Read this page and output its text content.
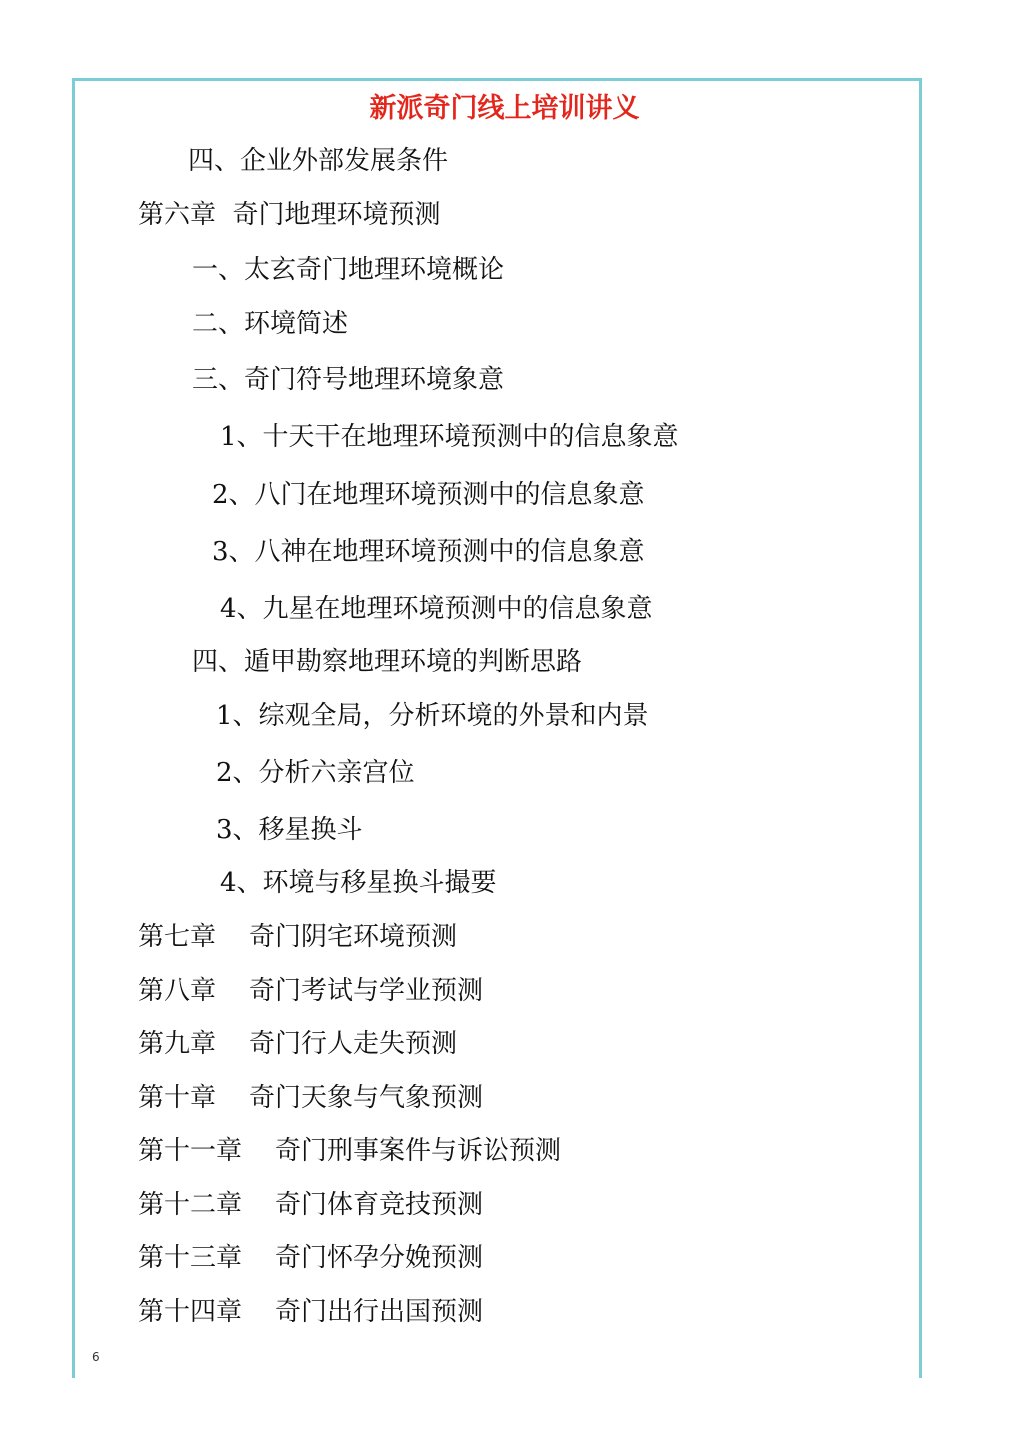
新派奇门线上培训讲义
四、企业外部发展条件
第六章  奇门地理环境预测
一、太玄奇门地理环境概论
二、环境简述
三、奇门符号地理环境象意
1、十天干在地理环境预测中的信息象意
2、八门在地理环境预测中的信息象意
3、八神在地理环境预测中的信息象意
4、九星在地理环境预测中的信息象意
四、遁甲勘察地理环境的判断思路
1、综观全局，分析环境的外景和内景
2、分析六亲宫位
3、移星换斗
4、环境与移星换斗撮要
第七章    奇门阴宅环境预测
第八章    奇门考试与学业预测
第九章    奇门行人走失预测
第十章    奇门天象与气象预测
第十一章    奇门刑事案件与诉讼预测
第十二章    奇门体育竞技预测
第十三章    奇门怀孕分娩预测
第十四章    奇门出行出国预测
6
